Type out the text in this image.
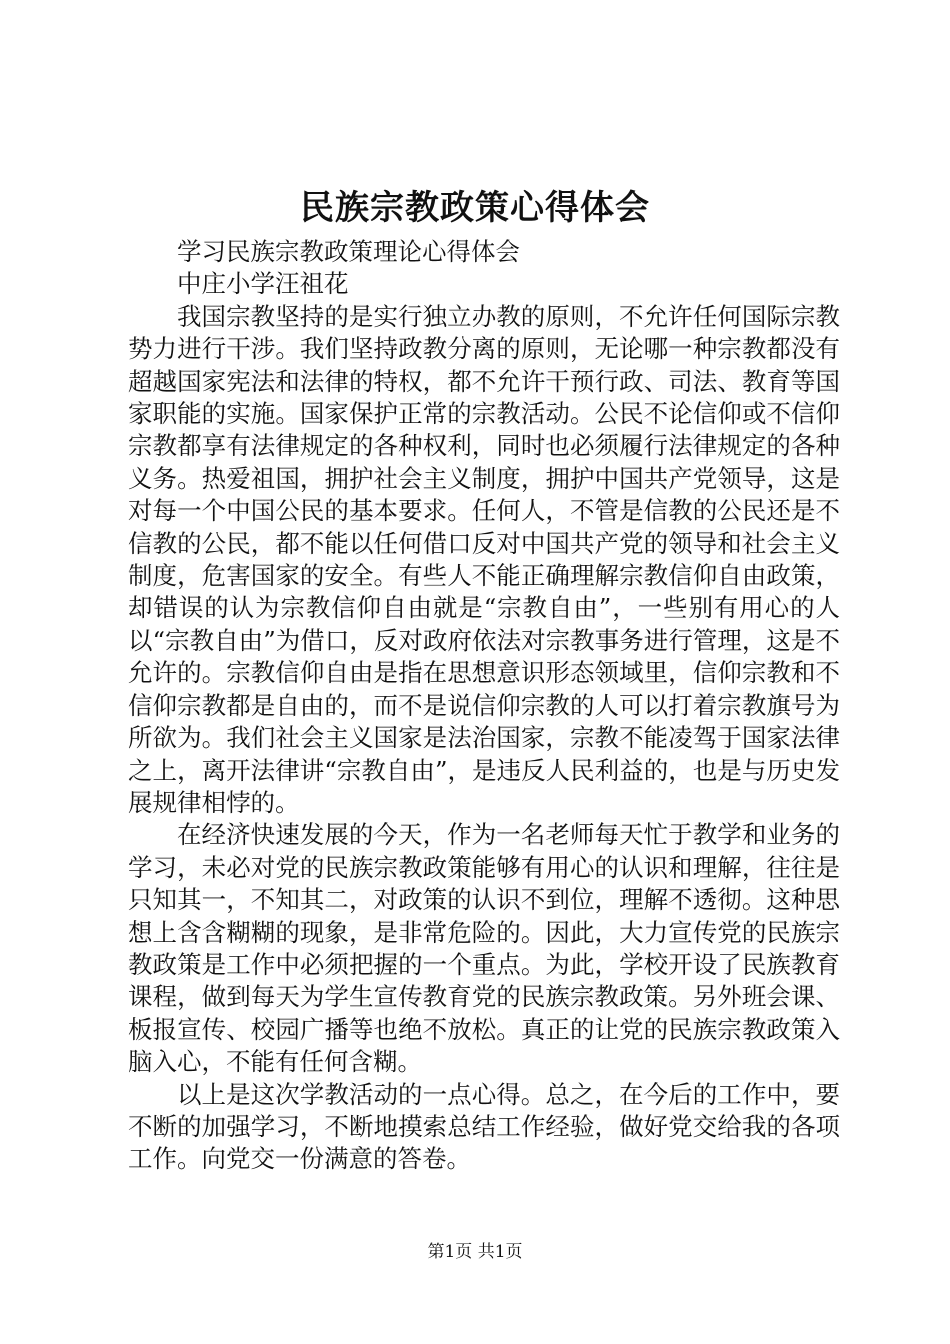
民族宗教政策心得体会

学习民族宗教政策理论心得体会

中庄小学汪祖花

我国宗教坚持的是实行独立办教的原则，不允许任何国际宗教势力进行干涉。我们坚持政教分离的原则，无论哪一种宗教都没有超越国家宪法和法律的特权，都不允许干预行政、司法、教育等国家职能的实施。国家保护正常的宗教活动。公民不论信仰或不信仰宗教都享有法律规定的各种权利，同时也必须履行法律规定的各种义务。热爱祖国，拥护社会主义制度，拥护中国共产党领导，这是对每一个中国公民的基本要求。任何人，不管是信教的公民还是不信教的公民，都不能以任何借口反对中国共产党的领导和社会主义制度，危害国家的安全。有些人不能正确理解宗教信仰自由政策，却错误的认为宗教信仰自由就是“宗教自由”，一些别有用心的人以“宗教自由”为借口，反对政府依法对宗教事务进行管理，这是不允许的。宗教信仰自由是指在思想意识形态领域里，信仰宗教和不信仰宗教都是自由的，而不是说信仰宗教的人可以打着宗教旗号为所欲为。我们社会主义国家是法治国家，宗教不能凌驾于国家法律之上，离开法律讲“宗教自由”，是违反人民利益的，也是与历史发展规律相悖的。

在经济快速发展的今天，作为一名老师每天忙于教学和业务的学习，未必对党的民族宗教政策能够有用心的认识和理解，往往是只知其一，不知其二，对政策的认识不到位，理解不透彻。这种思想上含含糊糊的现象，是非常危险的。因此，大力宣传党的民族宗教政策是工作中必须把握的一个重点。为此，学校开设了民族教育课程，做到每天为学生宣传教育党的民族宗教政策。另外班会课、板报宣传、校园广播等也绝不放松。真正的让党的民族宗教政策入脑入心，不能有任何含糊。

以上是这次学教活动的一点心得。总之，在今后的工作中，要不断的加强学习，不断地摸索总结工作经验，做好党交给我的各项工作。向党交一份满意的答卷。

第1页 共1页
